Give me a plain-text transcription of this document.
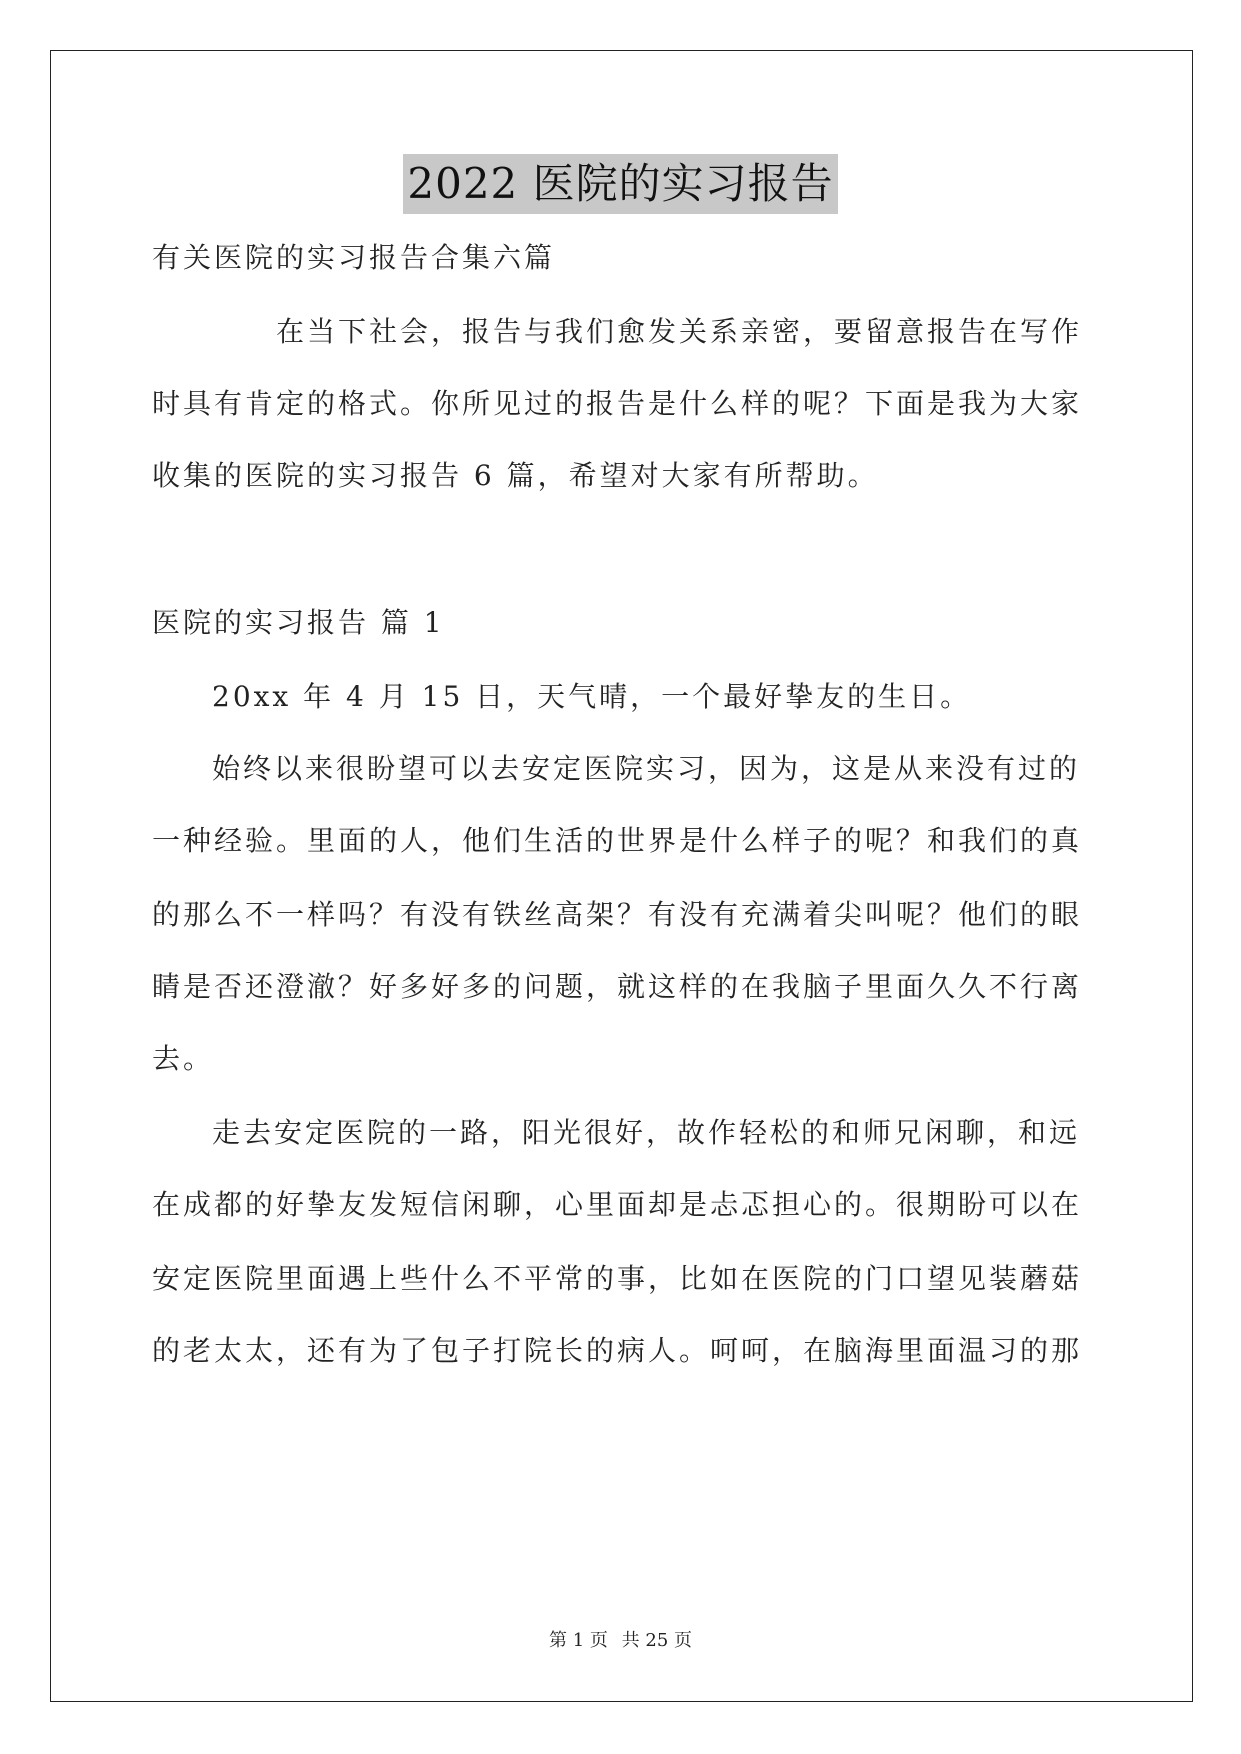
2022 医院的实习报告
有关医院的实习报告合集六篇
在当下社会，报告与我们愈发关系亲密，要留意报告在写作
时具有肯定的格式。你所见过的报告是什么样的呢？下面是我为大家
收集的医院的实习报告 6 篇，希望对大家有所帮助。
医院的实习报告 篇 1
20xx 年 4 月 15 日，天气晴，一个最好挚友的生日。
始终以来很盼望可以去安定医院实习，因为，这是从来没有过的
一种经验。里面的人，他们生活的世界是什么样子的呢？和我们的真
的那么不一样吗？有没有铁丝高架？有没有充满着尖叫呢？他们的眼
睛是否还澄澈？好多好多的问题，就这样的在我脑子里面久久不行离
去。
走去安定医院的一路，阳光很好，故作轻松的和师兄闲聊，和远
在成都的好挚友发短信闲聊，心里面却是忐忑担心的。很期盼可以在
安定医院里面遇上些什么不平常的事，比如在医院的门口望见装蘑菇
的老太太，还有为了包子打院长的病人。呵呵，在脑海里面温习的那
第 1 页 共 25 页
